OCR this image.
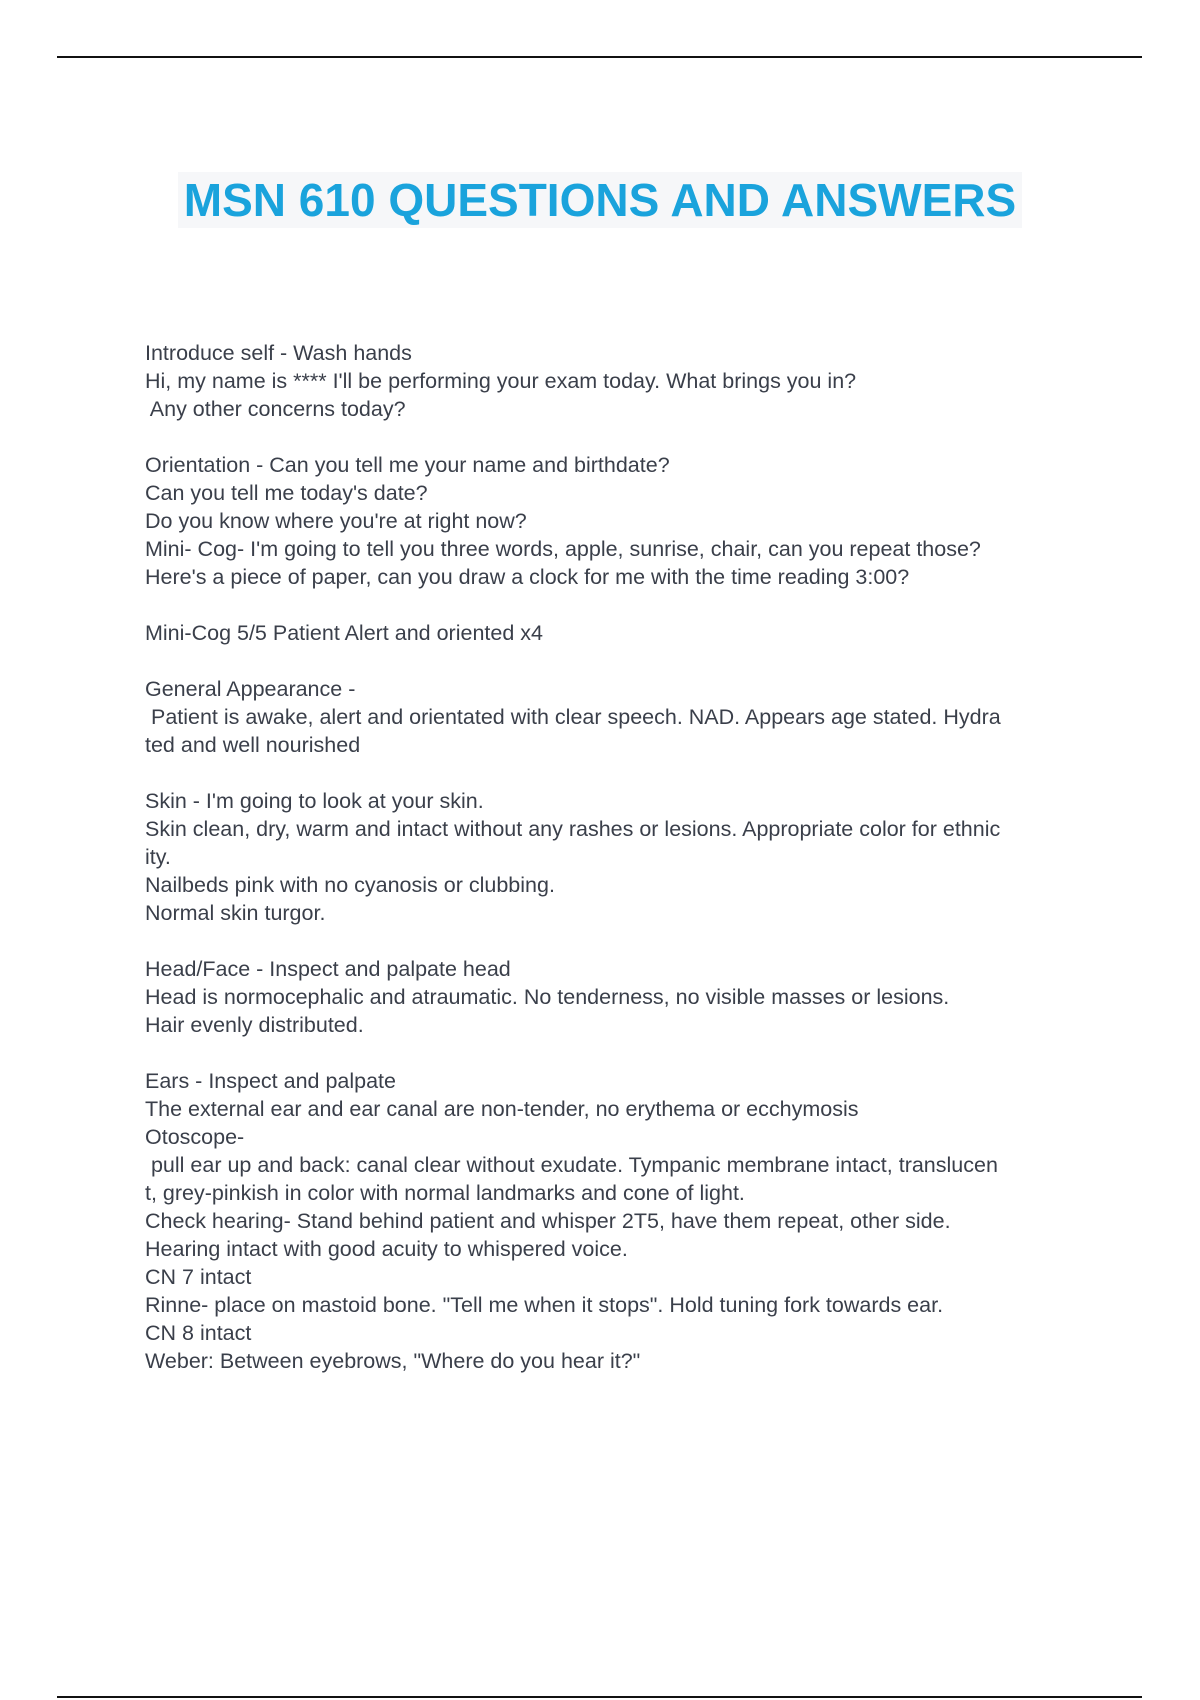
MSN 610 QUESTIONS AND ANSWERS
Introduce self - Wash hands
Hi, my name is **** I'll be performing your exam today. What brings you in?
Any other concerns today?
Orientation - Can you tell me your name and birthdate?
Can you tell me today's date?
Do you know where you're at right now?
Mini- Cog- I'm going to tell you three words, apple, sunrise, chair, can you repeat those?
Here's a piece of paper, can you draw a clock for me with the time reading 3:00?
Mini-Cog 5/5 Patient Alert and oriented x4
General Appearance -
Patient is awake, alert and orientated with clear speech. NAD. Appears age stated. Hydra
ted and well nourished
Skin - I'm going to look at your skin.
Skin clean, dry, warm and intact without any rashes or lesions. Appropriate color for ethnic
ity.
Nailbeds pink with no cyanosis or clubbing.
Normal skin turgor.
Head/Face - Inspect and palpate head
Head is normocephalic and atraumatic. No tenderness, no visible masses or lesions.
Hair evenly distributed.
Ears - Inspect and palpate
The external ear and ear canal are non-tender, no erythema or ecchymosis
Otoscope-
pull ear up and back: canal clear without exudate. Tympanic membrane intact, translucen
t, grey-pinkish in color with normal landmarks and cone of light.
Check hearing- Stand behind patient and whisper 2T5, have them repeat, other side.
Hearing intact with good acuity to whispered voice.
CN 7 intact
Rinne- place on mastoid bone. "Tell me when it stops". Hold tuning fork towards ear.
CN 8 intact
Weber: Between eyebrows, "Where do you hear it?"
